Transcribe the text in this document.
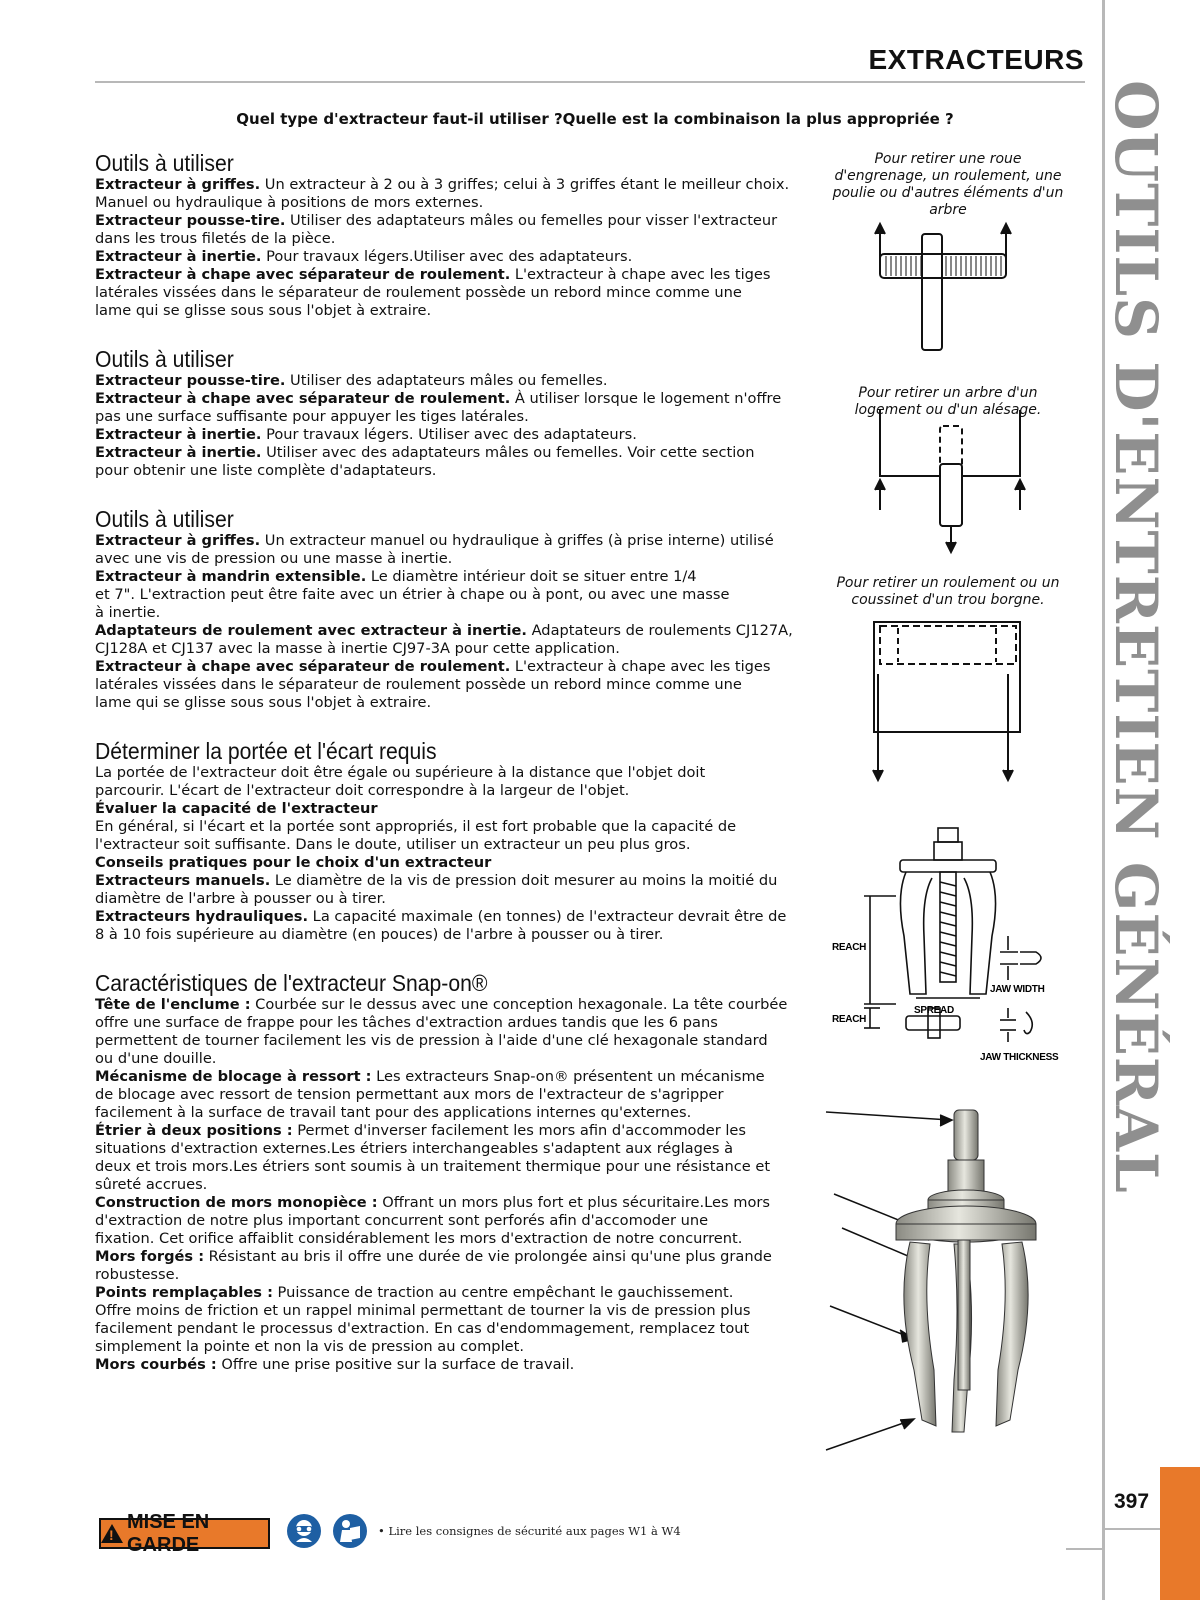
EXTRACTEURS
OUTILS D'ENTRETIEN GÉNÉRAL
397
Quel type d'extracteur faut-il utiliser ?Quelle est la combinaison la plus appropriée ?
Outils à utiliser

Extracteur à griffes. Un extracteur à 2 ou à 3 griffes; celui à 3 griffes étant le meilleur choix.

Manuel ou hydraulique à positions de mors externes.

Extracteur pousse-tire. Utiliser des adaptateurs mâles ou femelles pour visser l'extracteur

dans les trous filetés de la pièce.

Extracteur à inertie. Pour travaux légers.Utiliser avec des adaptateurs.

Extracteur à chape avec séparateur de roulement. L'extracteur à chape avec les tiges

latérales vissées dans le séparateur de roulement possède un rebord mince comme une

lame qui se glisse sous sous l'objet à extraire.

Outils à utiliser

Extracteur pousse-tire. Utiliser des adaptateurs mâles ou femelles.

Extracteur à chape avec séparateur de roulement. À utiliser lorsque le logement n'offre

pas une surface suffisante pour appuyer les tiges latérales.

Extracteur à inertie. Pour travaux légers. Utiliser avec des adaptateurs.

Extracteur à inertie. Utiliser avec des adaptateurs mâles ou femelles. Voir cette section

pour obtenir une liste complète d'adaptateurs.

Outils à utiliser

Extracteur à griffes. Un extracteur manuel ou hydraulique à griffes (à prise interne) utilisé

avec une vis de pression ou une masse à inertie.

Extracteur à mandrin extensible. Le diamètre intérieur doit se situer entre 1/4

et 7". L'extraction peut être faite avec un étrier à chape ou à pont, ou avec une masse

à inertie.

Adaptateurs de roulement avec extracteur à inertie. Adaptateurs de roulements CJ127A,

CJ128A et CJ137 avec la masse à inertie CJ97-3A pour cette application.

Extracteur à chape avec séparateur de roulement. L'extracteur à chape avec les tiges

latérales vissées dans le séparateur de roulement possède un rebord mince comme une

lame qui se glisse sous sous l'objet à extraire.

Déterminer la portée et l'écart requis

La portée de l'extracteur doit être égale ou supérieure à la distance que l'objet doit

parcourir. L'écart de l'extracteur doit correspondre à la largeur de l'objet.

Évaluer la capacité de l'extracteur

En général, si l'écart et la portée sont appropriés, il est fort probable que la capacité de

l'extracteur soit suffisante. Dans le doute, utiliser un extracteur un peu plus gros.

Conseils pratiques pour le choix d'un extracteur

Extracteurs manuels. Le diamètre de la vis de pression doit mesurer au moins la moitié du

diamètre de l'arbre à pousser ou à tirer.

Extracteurs hydrauliques. La capacité maximale (en tonnes) de l'extracteur devrait être de

8 à 10 fois supérieure au diamètre (en pouces) de l'arbre à pousser ou à tirer.

Caractéristiques de l'extracteur Snap-on®

Tête de l'enclume : Courbée sur le dessus avec une conception hexagonale. La tête courbée

offre une surface de frappe pour les tâches d'extraction ardues tandis que les 6 pans

permettent de tourner facilement les vis de pression à l'aide d'une clé hexagonale standard

ou d'une douille.

Mécanisme de blocage à ressort : Les extracteurs Snap-on® présentent un mécanisme

de blocage avec ressort de tension permettant aux mors de l'extracteur de s'agripper

facilement à la surface de travail tant pour des applications internes qu'externes.

Étrier à deux positions : Permet d'inverser facilement les mors afin d'accommoder les

situations d'extraction externes.Les étriers interchangeables s'adaptent aux réglages à

deux et trois mors.Les étriers sont soumis à un traitement thermique pour une résistance et

sûreté accrues.

Construction de mors monopièce : Offrant un mors plus fort et plus sécuritaire.Les mors

d'extraction de notre plus important concurrent sont perforés afin d'accomoder une

fixation. Cet orifice affaiblit considérablement les mors d'extraction de notre concurrent.

Mors forgés : Résistant au bris il offre une durée de vie prolongée ainsi qu'une plus grande

robustesse.

Points remplaçables : Puissance de traction au centre empêchant le gauchissement.

Offre moins de friction et un rappel minimal permettant de tourner la vis de pression plus

facilement pendant le processus d'extraction. En cas d'endommagement, remplacez tout

simplement la pointe et non la vis de pression au complet.

Mors courbés : Offre une prise positive sur la surface de travail.

Pour retirer une roue d'engrenage, un roulement, une poulie ou d'autres éléments d'un arbre
Pour retirer un arbre d'un logement ou d'un alésage.
Pour retirer un roulement ou un coussinet d'un trou borgne.
REACH
REACH
SPREAD
JAW WIDTH
JAW THICKNESS
!
MISE EN GARDE
• Lire les consignes de sécurité aux pages W1 à W4
